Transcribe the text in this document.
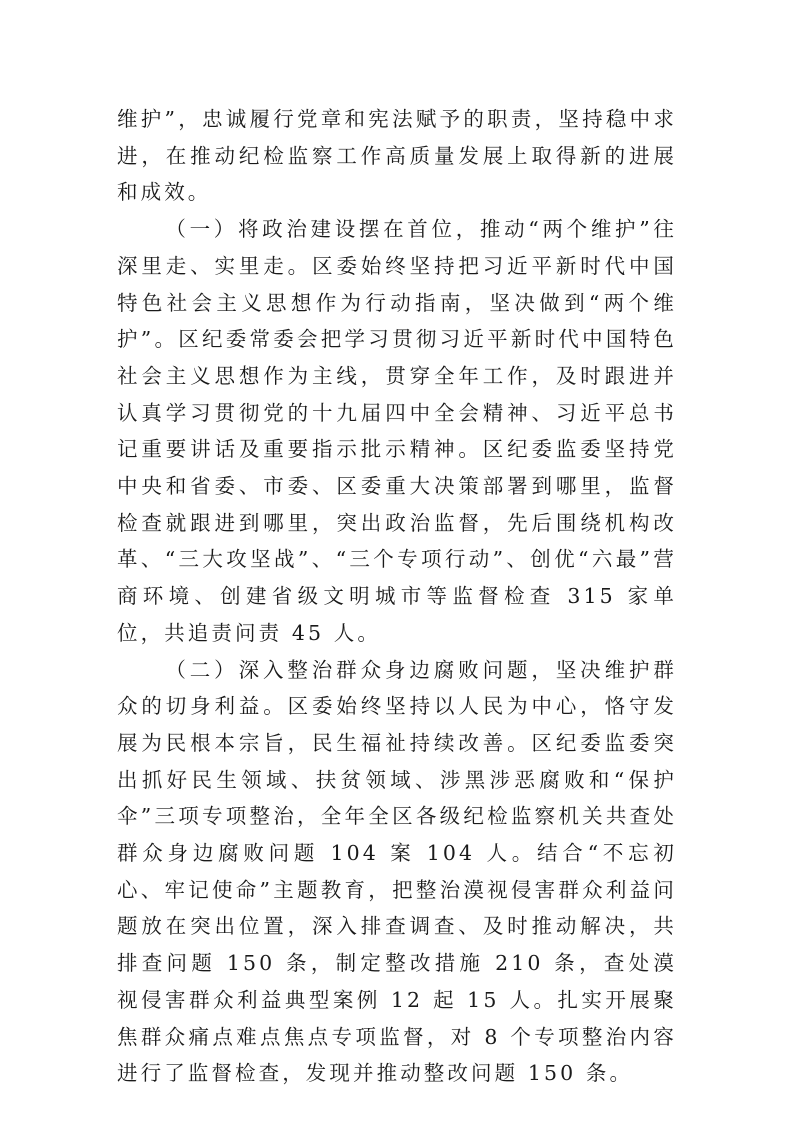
维护”，忠诚履行党章和宪法赋予的职责，坚持稳中求进，在推动纪检监察工作高质量发展上取得新的进展和成效。

（一）将政治建设摆在首位，推动“两个维护”往深里走、实里走。区委始终坚持把习近平新时代中国特色社会主义思想作为行动指南，坚决做到“两个维护”。区纪委常委会把学习贯彻习近平新时代中国特色社会主义思想作为主线，贯穿全年工作，及时跟进并认真学习贯彻党的十九届四中全会精神、习近平总书记重要讲话及重要指示批示精神。区纪委监委坚持党中央和省委、市委、区委重大决策部署到哪里，监督检查就跟进到哪里，突出政治监督，先后围绕机构改革、“三大攻坚战”、“三个专项行动”、创优“六最”营商环境、创建省级文明城市等监督检查 315 家单位，共追责问责 45 人。

（二）深入整治群众身边腐败问题，坚决维护群众的切身利益。区委始终坚持以人民为中心，恪守发展为民根本宗旨，民生福祉持续改善。区纪委监委突出抓好民生领域、扶贫领域、涉黑涉恶腐败和“保护伞”三项专项整治，全年全区各级纪检监察机关共查处群众身边腐败问题 104 案 104 人。结合“不忘初心、牢记使命”主题教育，把整治漠视侵害群众利益问题放在突出位置，深入排查调查、及时推动解决，共排查问题 150 条，制定整改措施 210 条，查处漠视侵害群众利益典型案例 12 起 15 人。扎实开展聚焦群众痛点难点焦点专项监督，对 8 个专项整治内容进行了监督检查，发现并推动整改问题 150 条。
